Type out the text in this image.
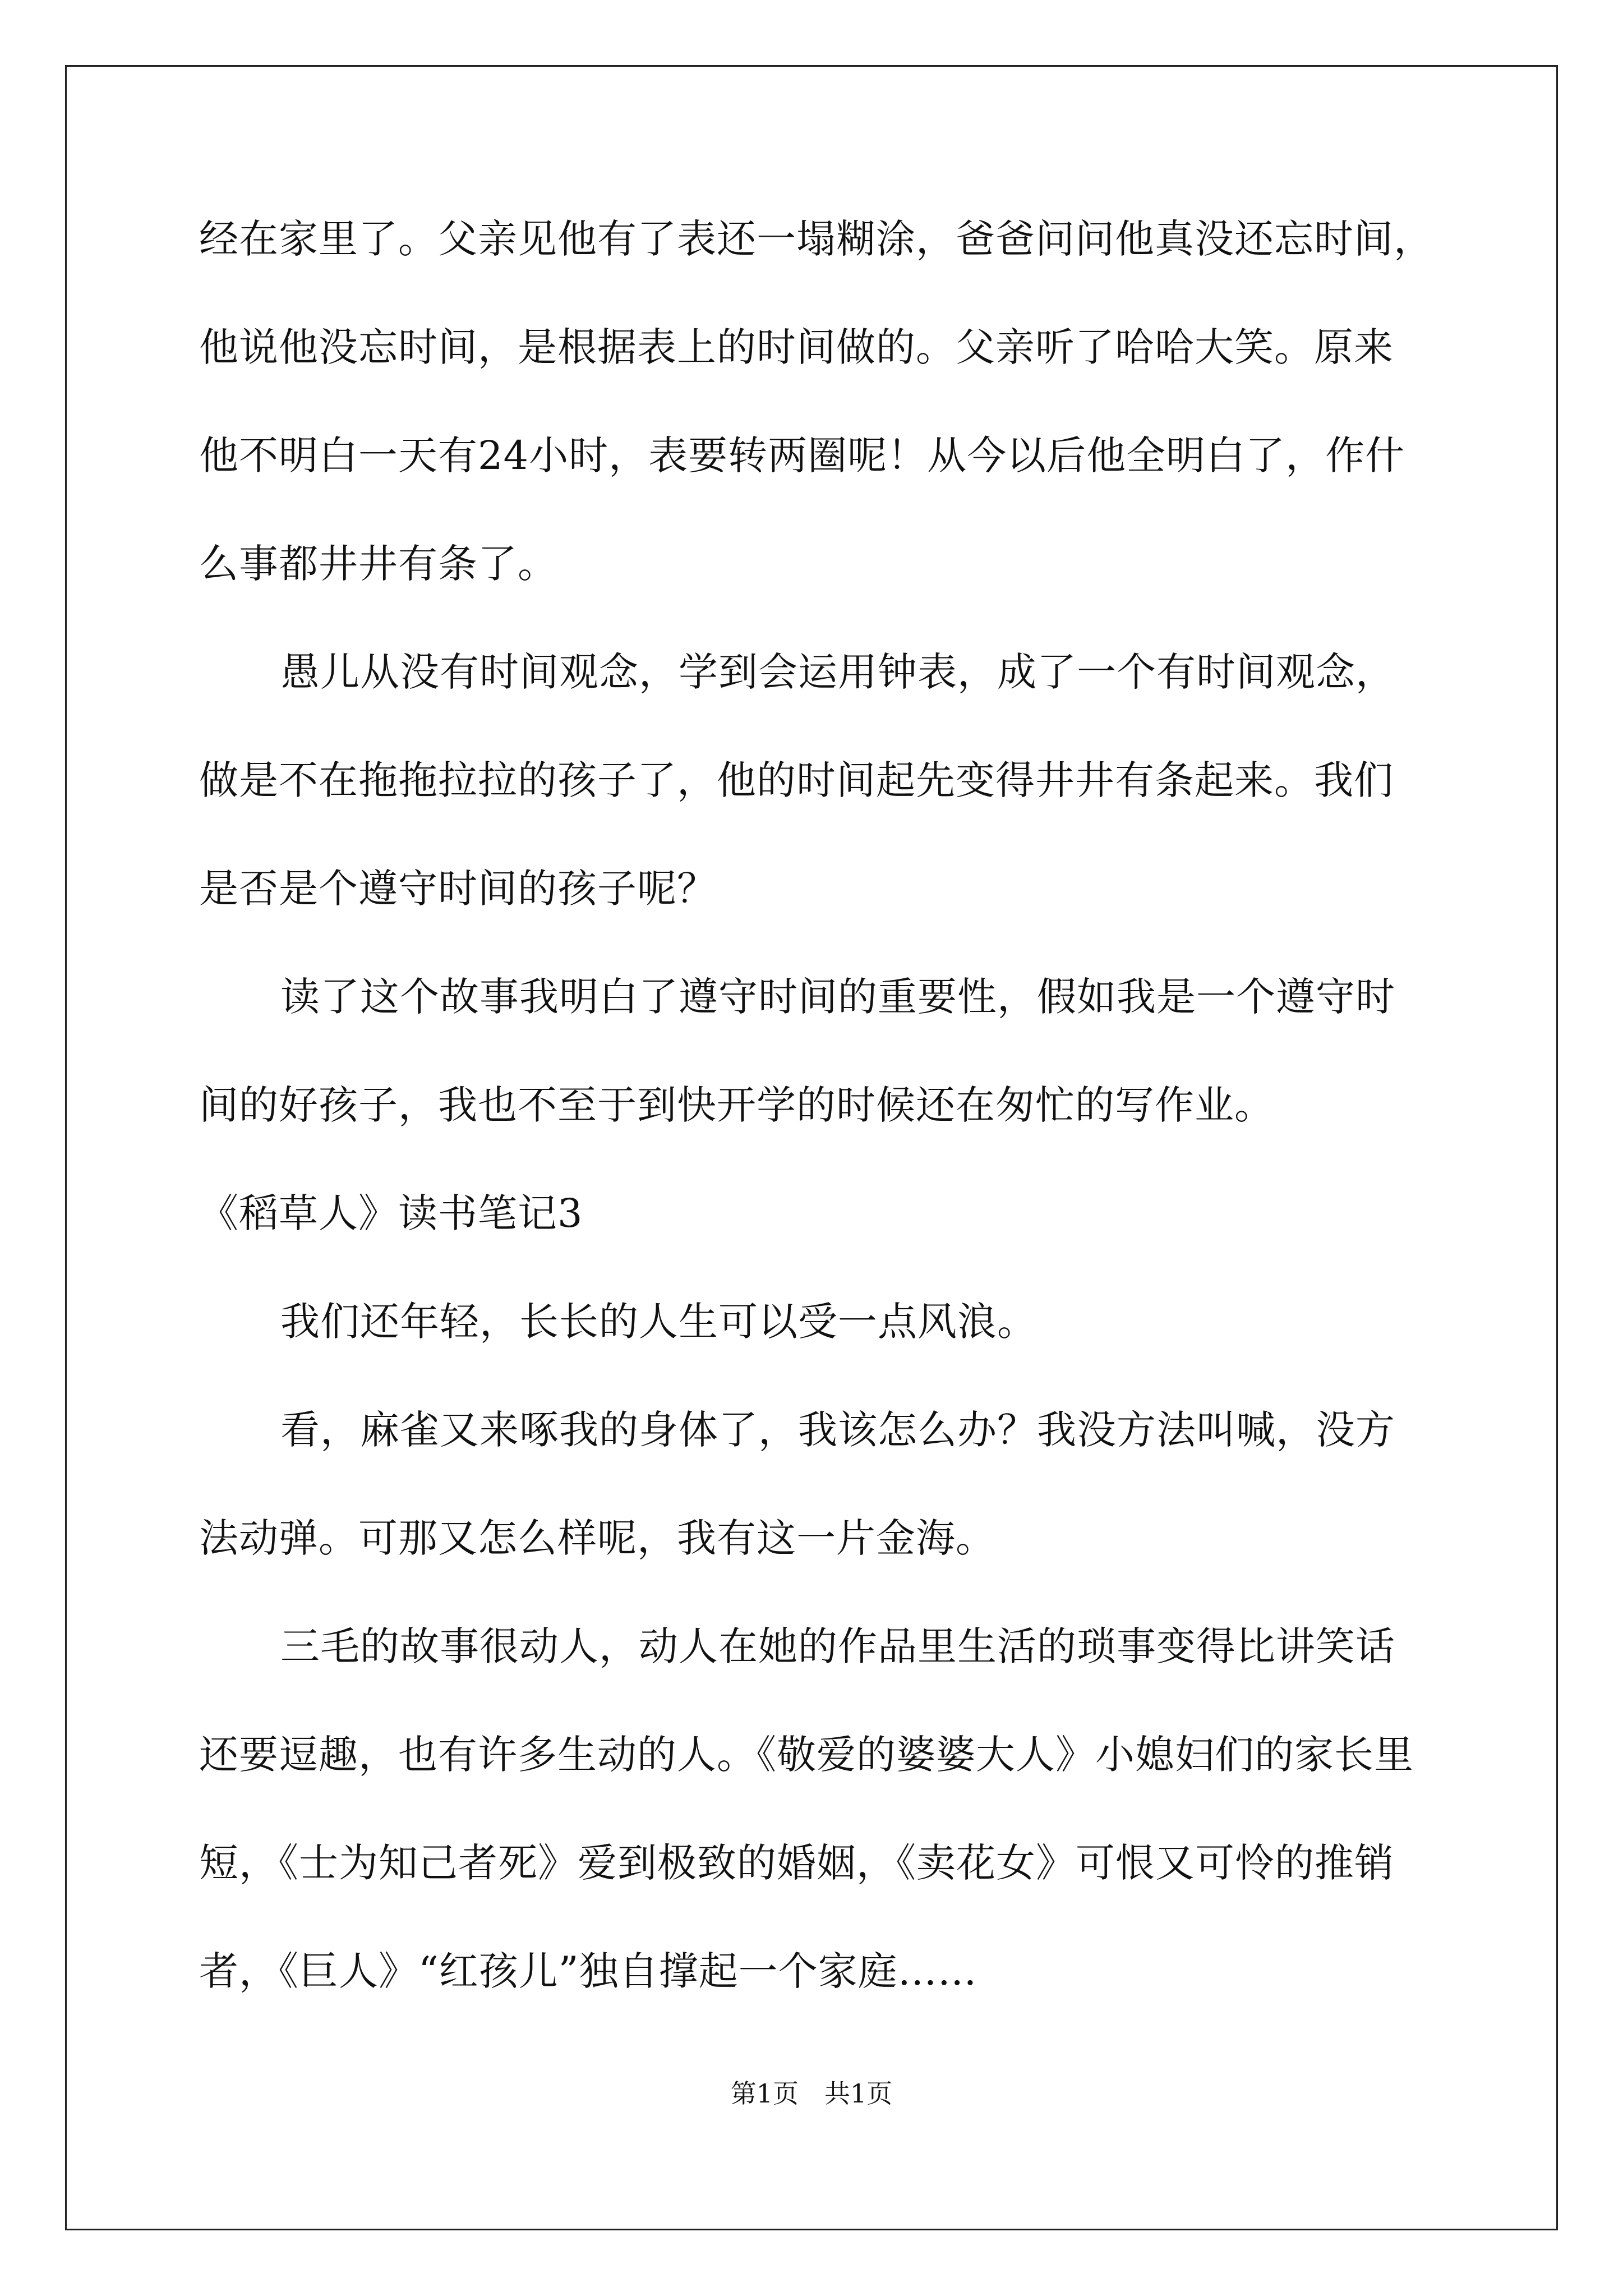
经在家里了。父亲见他有了表还一塌糊涂，爸爸问问他真没还忘时间，
他说他没忘时间，是根据表上的时间做的。父亲听了哈哈大笑。原来
他不明白一天有24小时，表要转两圈呢！从今以后他全明白了，作什
么事都井井有条了。
愚儿从没有时间观念，学到会运用钟表，成了一个有时间观念，
做是不在拖拖拉拉的孩子了，他的时间起先变得井井有条起来。我们
是否是个遵守时间的孩子呢？
读了这个故事我明白了遵守时间的重要性，假如我是一个遵守时
间的好孩子，我也不至于到快开学的时候还在匆忙的写作业。
《稻草人》读书笔记3
我们还年轻，长长的人生可以受一点风浪。
看，麻雀又来啄我的身体了，我该怎么办？我没方法叫喊，没方
法动弹。可那又怎么样呢，我有这一片金海。
三毛的故事很动人，动人在她的作品里生活的琐事变得比讲笑话
还要逗趣，也有许多生动的人。《敬爱的婆婆大人》小媳妇们的家长里
短，《士为知己者死》爱到极致的婚姻，《卖花女》可恨又可怜的推销
者，《巨人》“红孩儿”独自撑起一个家庭……
第1页　共1页
